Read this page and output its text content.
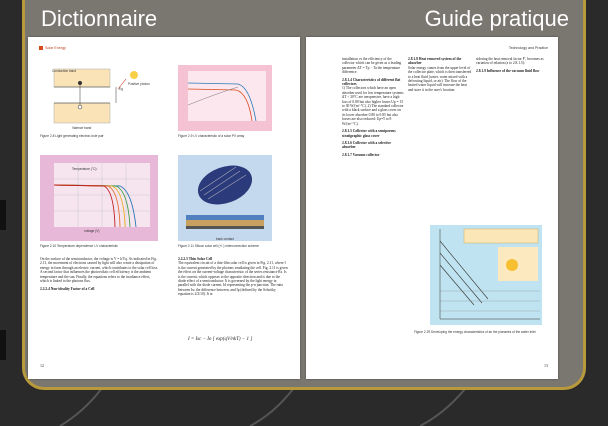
Dictionnaire	Guide pratique
Solar Energy
Conduction band
Eg
Valence band
Positive photon
Figure 2.8 Light generating electron-hole pair	Figure 2.9 I-V characteristic of a solar PV array
Temperature (°C):
voltage (V)
Figure 2.10 Temperature dependence I-V characteristic
back contact
Figure 2.11 Silicon solar cell (+/-) interconnection scheme
On the surface of the semiconductor, the voltage is V = kT/q. As indicated in Fig. 2.11, the movement of electrons caused by light will also create a dissipation of energy in form through an electric current, which contributes to the solar cell loss. A second factor that influences the photovoltaic cell efficiency is the ambient temperature and the sun. Finally, the equations refers to the irradiance effect, which is linked to the photons flux.
2.2.2.4 Non-ideality Factor of a Cell
2.2.2.5 Thin Solar Cell
The equivalent circuit of a thin-film solar cell is given in Fig. 2.11, where I is the current generated by the photons irradiating the cell. Fig. 2.11 is given the effect on the current-voltage characteristic of the series resistance Rs. Is is the current, which opposes to the opposite direction and is due to the diode effect of a semiconductor. It is governed by the light energy in parallel with the diode current, Id representing the p-n junction. The ratio between Isc the difference between, and Ip (defined by the Schottky equation is 2/2/10). It is:
I = Isc − Io [ exp(qV/nkT) − 1 ]
12
Technology and Practice
installation vs the efficiency of the collector which can be given as a leading parameter ΔT = Tp − Ta the temperature difference.
2.8.1.4 Characteristics of different flat collectors
1) The collectors which have an open absorber used for low temperature systems ΔT < 30°C are inexpensive, have a high loss of 0.80 but also higher losses Up = 15 to 30 W/(m²·°C). 2) The standard collector with a black surface and a glass cover on its lower absorber 0.80 to 0.85 but also losses are also reduced: Up=5 to 8 W/(m²·°C).
2.8.1.5 Collector with a semiporous stratigraphic glass cover
2.8.1.6 Collector with a selective absorber
2.8.1.7 Vacuum collector
2.8.1.8 Heat removed system of the absorber
Solar energy comes from the upper level of the collector plate, which is then transferred to a heat fluid (water, water mixed with a defrosting liquid, or air). The flow of the heated water liquid will increase the heat and store it in the user's location.
sidering the heat removal factor F′, becomes as variation of relation (a to 2.8.1.5):
2.8.1.9 Influence of the vacuum fluid flow
Figure 2.29 Developing the energy characteristics of an the planaries of the water inlet
13
